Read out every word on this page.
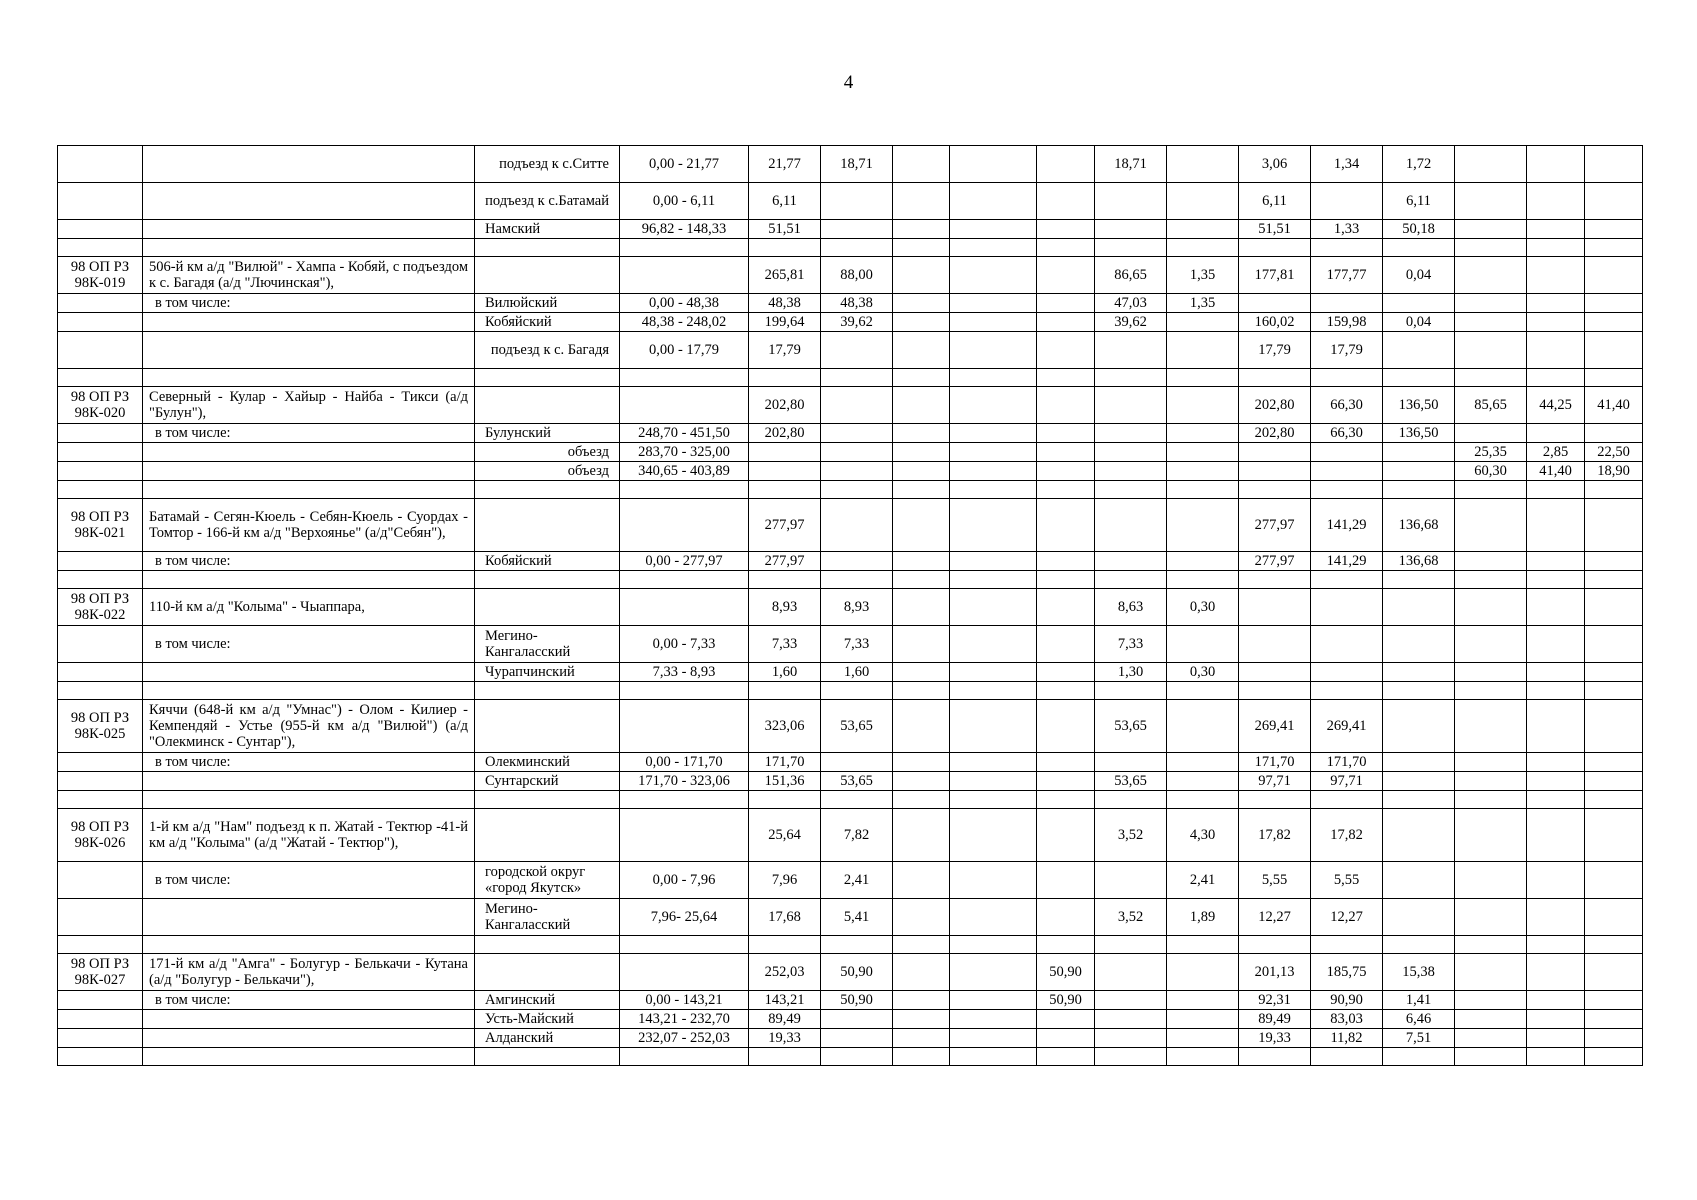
4
		подъезд к с.Ситте	0,00 - 21,77	21,77	18,71				18,71		3,06	1,34	1,72			
		подъезд к с.Батамай	0,00 - 6,11	6,11							6,11		6,11			
		Намский	96,82 - 148,33	51,51							51,51	1,33	50,18			

98 ОП РЗ 98К-019	506-й км а/д "Вилюй" - Хампа - Кобяй, с подъездом к с. Багадя (а/д "Лючинская"),			265,81	88,00				86,65	1,35	177,81	177,77	0,04			
	в том числе:	Вилюйский	0,00 - 48,38	48,38	48,38				47,03	1,35						
		Кобяйский	48,38 - 248,02	199,64	39,62				39,62		160,02	159,98	0,04			
		подъезд к с. Багадя	0,00 - 17,79	17,79							17,79	17,79				

98 ОП РЗ 98К-020	Северный - Кулар - Хайыр - Найба - Тикси (а/д "Булун"),			202,80							202,80	66,30	136,50	85,65	44,25	41,40
	в том числе:	Булунский	248,70 - 451,50	202,80							202,80	66,30	136,50			
		объезд	283,70 - 325,00											25,35	2,85	22,50
		объезд	340,65 - 403,89											60,30	41,40	18,90

98 ОП РЗ 98К-021	Батамай - Сегян-Кюель - Себян-Кюель - Суордах - Томтор - 166-й км а/д "Верхоянье" (а/д"Себян"),			277,97							277,97	141,29	136,68			
	в том числе:	Кобяйский	0,00 - 277,97	277,97							277,97	141,29	136,68			

98 ОП РЗ 98К-022	110-й км а/д "Колыма" - Чыаппара,			8,93	8,93				8,63	0,30						
	в том числе:	Мегино-Кангаласский	0,00 - 7,33	7,33	7,33				7,33							
		Чурапчинский	7,33 - 8,93	1,60	1,60				1,30	0,30						

98 ОП РЗ 98К-025	Кяччи (648-й км а/д "Умнас") - Олом - Килиер - Кемпендяй - Устье (955-й км а/д "Вилюй") (а/д "Олекминск - Сунтар"),			323,06	53,65				53,65		269,41	269,41				
	в том числе:	Олекминский	0,00 - 171,70	171,70							171,70	171,70				
		Сунтарский	171,70 - 323,06	151,36	53,65				53,65		97,71	97,71				

98 ОП РЗ 98К-026	1-й км а/д "Нам" подъезд к п. Жатай - Тектюр -41-й км а/д "Колыма" (а/д "Жатай - Тектюр"),			25,64	7,82				3,52	4,30	17,82	17,82				
	в том числе:	городской округ «город Якутск»	0,00 - 7,96	7,96	2,41					2,41	5,55	5,55				
		Мегино-Кангаласский	7,96- 25,64	17,68	5,41				3,52	1,89	12,27	12,27				

98 ОП РЗ 98К-027	171-й км а/д "Амга" - Болугур - Белькачи - Кутана (а/д "Болугур - Белькачи"),			252,03	50,90			50,90			201,13	185,75	15,38			
	в том числе:	Амгинский	0,00 - 143,21	143,21	50,90			50,90			92,31	90,90	1,41			
		Усть-Майский	143,21 - 232,70	89,49							89,49	83,03	6,46			
		Алданский	232,07 - 252,03	19,33							19,33	11,82	7,51			
